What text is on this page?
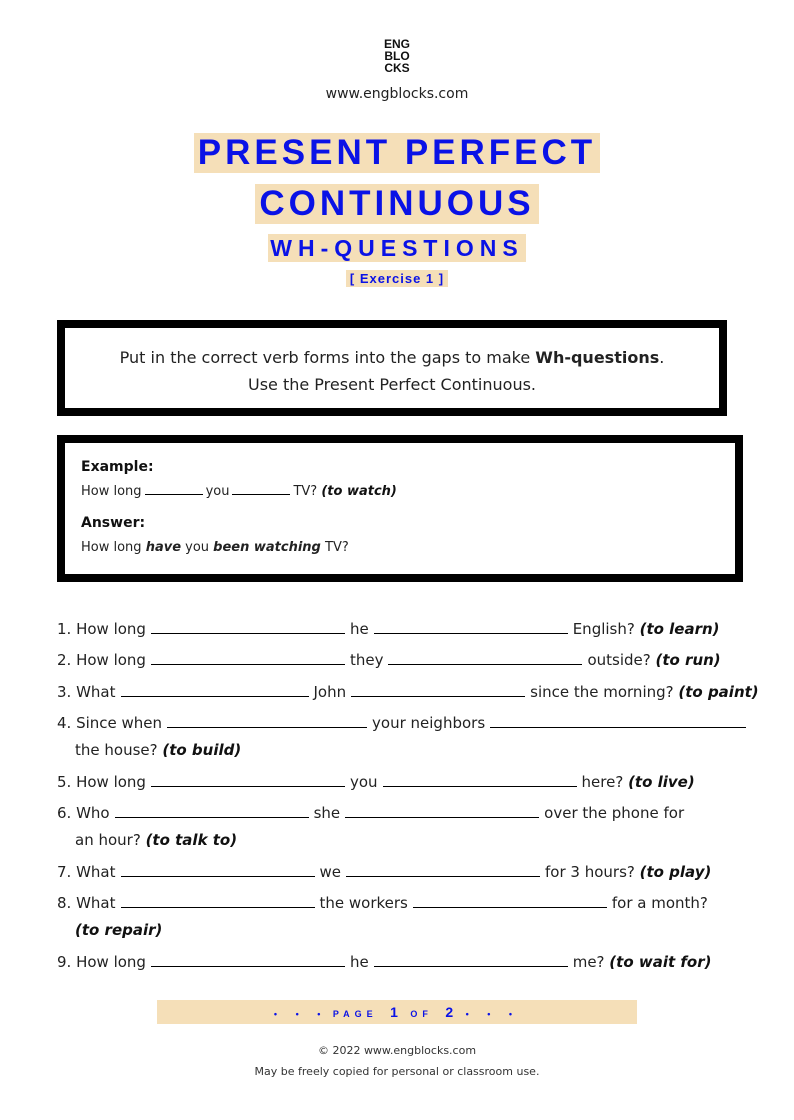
ENG
BLO
CKS
www.engblocks.com
PRESENT PERFECT
CONTINUOUS
WH-QUESTIONS
[ Exercise 1 ]

Put in the correct verb forms into the gaps to make Wh-questions.

Use the Present Perfect Continuous.

Example:
How long	you	TV? (to watch)
Answer:
How long have you been watching TV?
1. How long	he	English? (to learn)
2. How long	they	outside? (to run)
3. What	John	since the morning? (to paint)
4. Since when	your neighbors
the house? (to build)
5. How long	you	here? (to live)
6. Who	she	over the phone for
an hour? (to talk to)
7. What	we	for 3 hours? (to play)
8. What	the workers	for a month?
(to repair)
9. How long	he	me? (to wait for)
• • • PAGE 1 OF 2 • • •
© 2022 www.engblocks.com
May be freely copied for personal or classroom use.
